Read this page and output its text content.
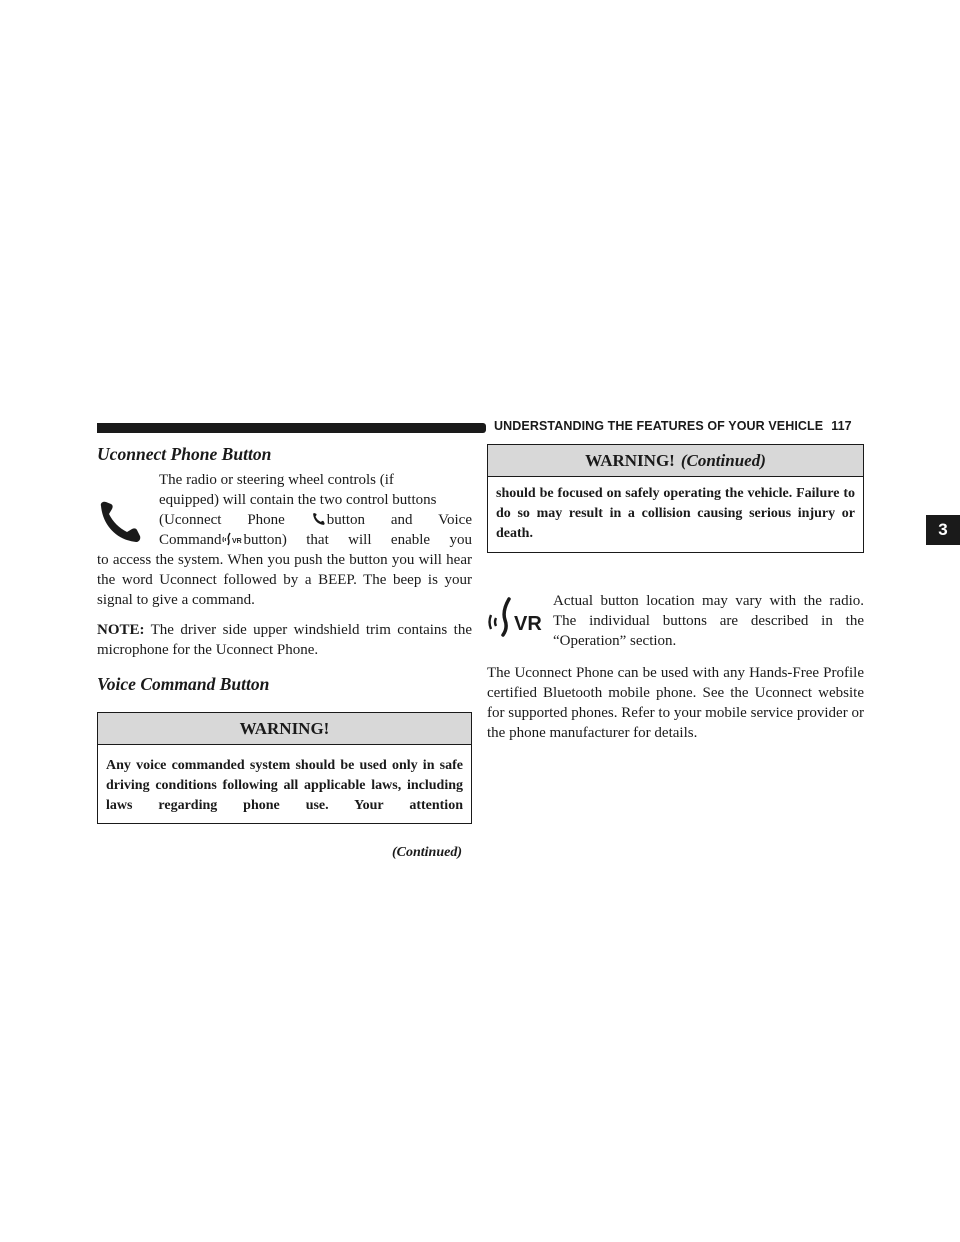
UNDERSTANDING THE FEATURES OF YOUR VEHICLE 117
3
Uconnect Phone Button

The radio or steering wheel controls (if
equipped) will contain the two control buttons
(Uconnect Phone	button and Voice
Command VR button) that will enable you

to access the system. When you push the button you will hear the word Uconnect followed by a BEEP. The beep is your signal to give a command.

NOTE: The driver side upper windshield trim contains the microphone for the Uconnect Phone.

Voice Command Button
WARNING!
Any voice commanded system should be used only in safe driving conditions following all applicable laws, including laws regarding phone use. Your attention
(Continued)
WARNING! (Continued)
should be focused on safely operating the vehicle. Failure to do so may result in a collision causing serious injury or death.
VR

Actual button location may vary with the radio. The individual buttons are described in the “Operation” section.

The Uconnect Phone can be used with any Hands-Free Profile certified Bluetooth mobile phone. See the Uconnect website for supported phones. Refer to your mobile service provider or the phone manufacturer for details.
